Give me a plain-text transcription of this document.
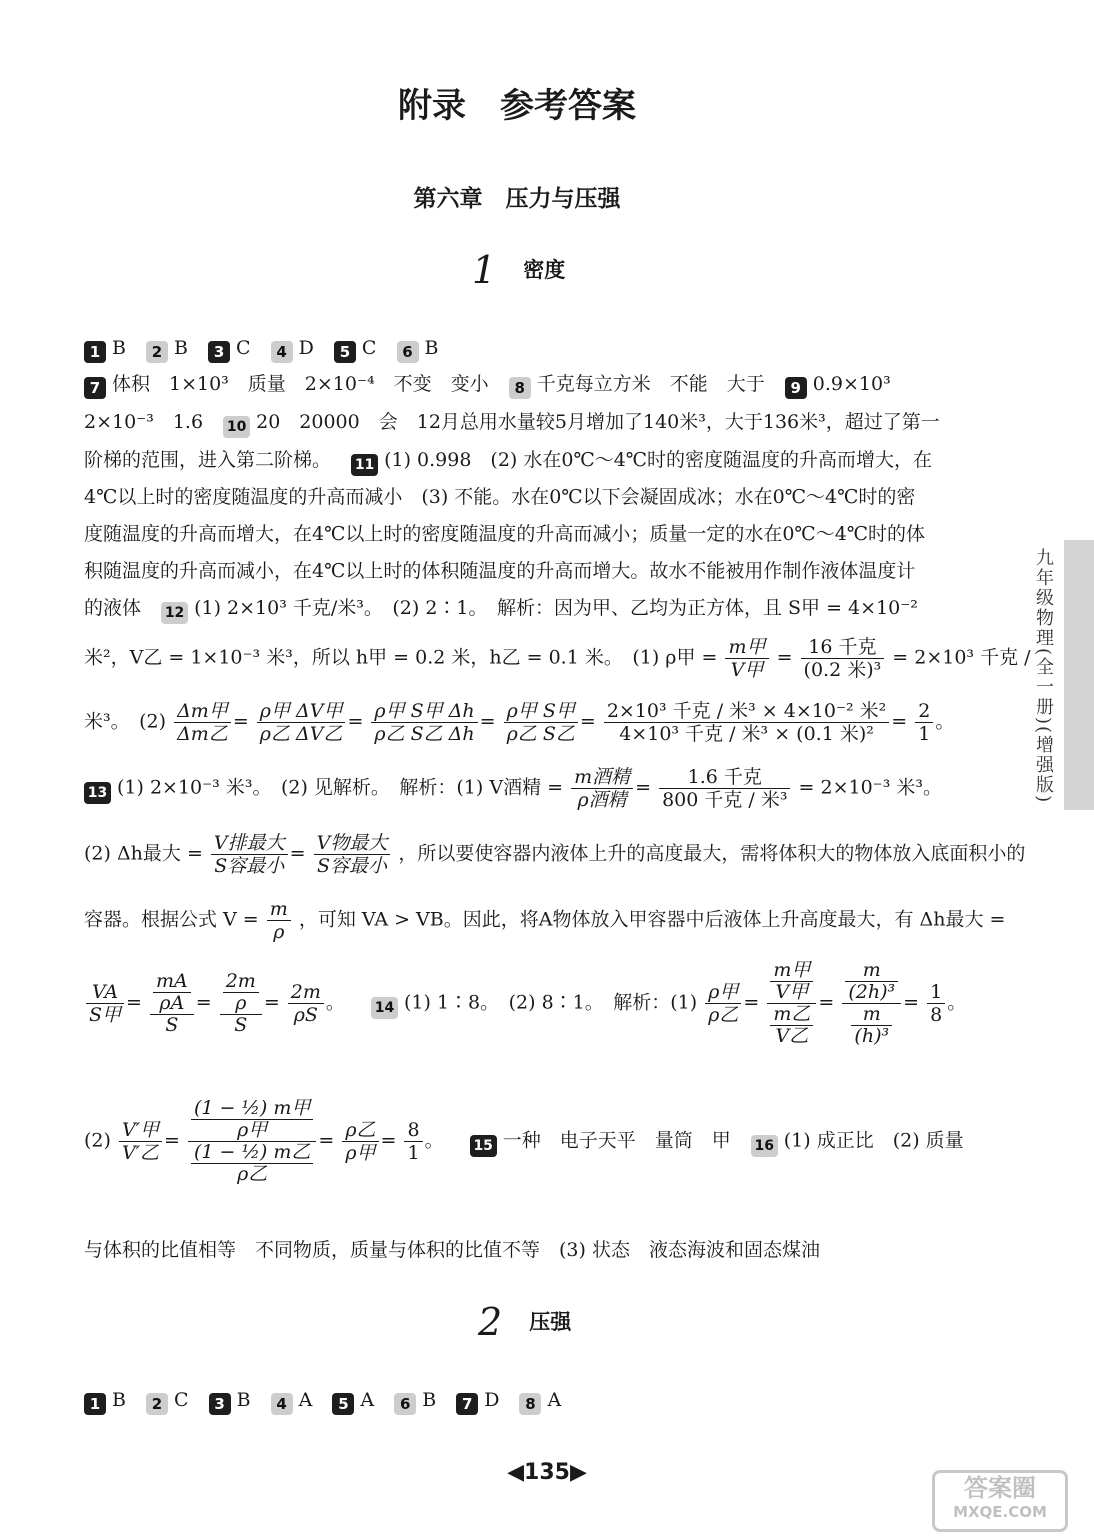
附录　参考答案
第六章　压力与压强
1 密度
1 B 2 B 3 C 4 D 5 C 6 B
7 体积　1×10³　质量　2×10⁻⁴　不变　变小 8 千克每立方米　不能　大于 9 0.9×10³
2×10⁻³　1.6 10 20　20000　会　12月总用水量较5月增加了140米³，大于136米³，超过了第一
阶梯的范围，进入第二阶梯。 11 (1) 0.998　(2) 水在0℃～4℃时的密度随温度的升高而增大，在
4℃以上时的密度随温度的升高而减小　(3) 不能。水在0℃以下会凝固成冰；水在0℃～4℃时的密
度随温度的升高而增大，在4℃以上时的密度随温度的升高而减小；质量一定的水在0℃～4℃时的体
积随温度的升高而减小，在4℃以上时的体积随温度的升高而增大。故水不能被用作制作液体温度计
的液体 12 (1) 2×10³ 千克/米³。　(2) 2∶1。　解析：因为甲、乙均为正方体，且 S甲 = 4×10⁻²
米²，V乙 = 1×10⁻³ 米³，所以 h甲 = 0.2 米，h乙 = 0.1 米。　(1) ρ甲 = $\frac{\text{m甲}}{\text{V甲}} = \frac{\text{16 千克}}{\text{(0.2 米)³}} = 2\times 10^3$ 千克 /
米³。　$(2) \frac{\text{Δm甲}}{\text{Δm乙}} = \frac{\text{ρ甲 ΔV甲}}{\text{ρ乙 ΔV乙}} = \frac{\text{ρ甲 S甲 Δh}}{\text{ρ乙 S乙 Δh}} = \frac{\text{ρ甲 S甲}}{\text{ρ乙 S乙}} = \frac{\text{2×10³ 千克 / 米³ × 4×10⁻² 米²}}{\text{4×10³ 千克 / 米³ × (0.1 米)²}} = \frac{2}{1}$ 。
13 (1) 2×10⁻³ 米³。　(2) 见解析。　解析：(1) V酒精 = $\frac{\text{m酒精}}{\text{ρ酒精}} = \frac{\text{1.6 千克}}{\text{800 千克 / 米³}} = 2\times 10^{-3}$ 米³。
(2) Δh最大 = $\frac{\text{V排最大}}{\text{S容最小}} = \frac{\text{V物最大}}{\text{S容最小}}$ ，所以要使容器内液体上升的高度最大，需将体积大的物体放入底面积小的
容器。根据公式 $V = \frac{m}{\rho}$ ，可知 VA > VB。因此，将A物体放入甲容器中后液体上升高度最大，有 Δh最大 =
$\frac{VA}{\text{S甲}} = \frac{\frac{mA}{\rho A}}{S} = \frac{\frac{2m}{\rho}}{S} = \frac{2m}{\rho S}$ 。  14 (1) 1∶8。　(2) 8∶1。　解析：$(1) \frac{\text{ρ甲}}{\text{ρ乙}} = \frac{\frac{\text{m甲}}{\text{V甲}}}{\frac{\text{m乙}}{\text{V乙}}} = \frac{\frac{m}{\text{(2h)³}}}{\frac{m}{\text{(h)³}}} = \frac{1}{8}$ 。
$(2) \frac{\text{V′甲}}{\text{V′乙}} = \frac{\frac{\text{(1 − ½) m甲}}{\text{ρ甲}}}{\frac{\text{(1 − ½) m乙}}{\text{ρ乙}}} = \frac{\text{ρ乙}}{\text{ρ甲}} = \frac{8}{1}$ 。 15 一种　电子天平　量筒　甲 16 (1) 成正比　(2) 质量
与体积的比值相等　不同物质，质量与体积的比值不等　(3) 状态　液态海波和固态煤油
2 压强
1 B 2 C 3 B 4 A 5 A 6 B 7 D 8 A
九年级物理(全一册)(增强版)
◀135▶
答案圈
MXQE.COM
